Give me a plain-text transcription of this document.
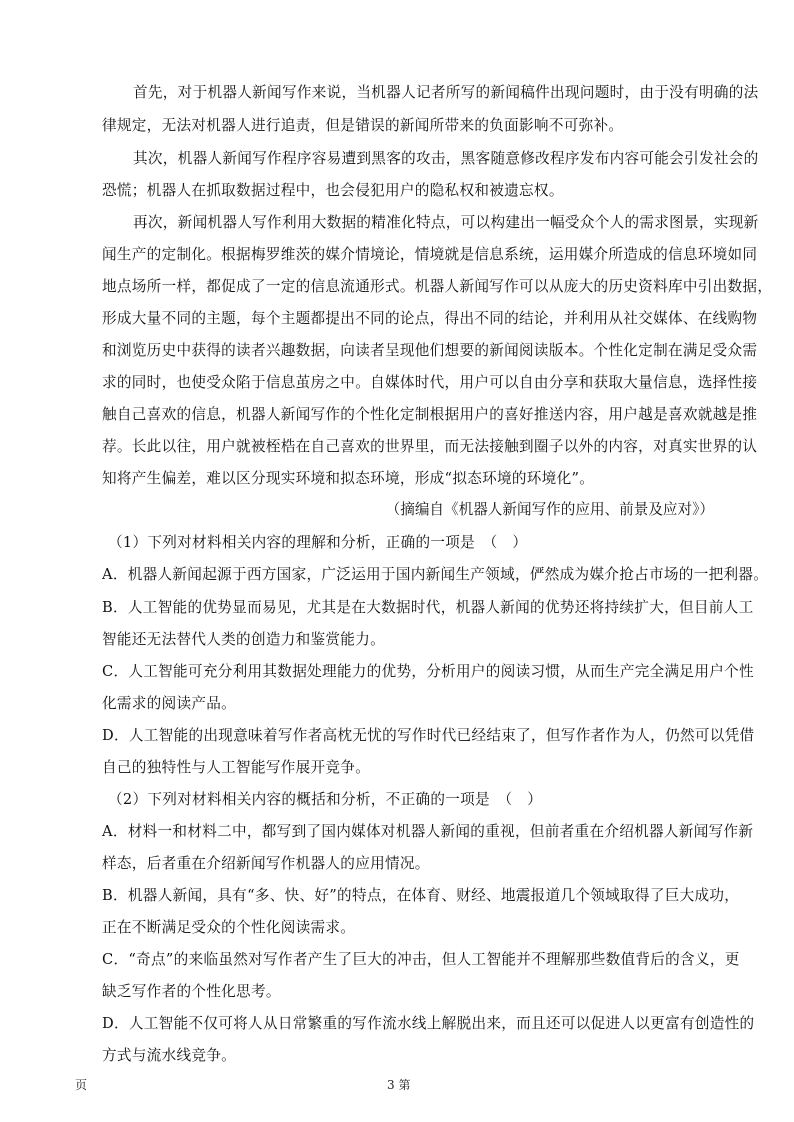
首先，对于机器人新闻写作来说，当机器人记者所写的新闻稿件出现问题时，由于没有明确的法
律规定，无法对机器人进行追责，但是错误的新闻所带来的负面影响不可弥补。
其次，机器人新闻写作程序容易遭到黑客的攻击，黑客随意修改程序发布内容可能会引发社会的
恐慌；机器人在抓取数据过程中，也会侵犯用户的隐私权和被遗忘权。
再次，新闻机器人写作利用大数据的精准化特点，可以构建出一幅受众个人的需求图景，实现新
闻生产的定制化。根据梅罗维茨的媒介情境论，情境就是信息系统，运用媒介所造成的信息环境如同
地点场所一样，都促成了一定的信息流通形式。机器人新闻写作可以从庞大的历史资料库中引出数据，
形成大量不同的主题，每个主题都提出不同的论点，得出不同的结论，并利用从社交媒体、在线购物
和浏览历史中获得的读者兴趣数据，向读者呈现他们想要的新闻阅读版本。个性化定制在满足受众需
求的同时，也使受众陷于信息茧房之中。自媒体时代，用户可以自由分享和获取大量信息，选择性接
触自己喜欢的信息，机器人新闻写作的个性化定制根据用户的喜好推送内容，用户越是喜欢就越是推
荐。长此以往，用户就被桎梏在自己喜欢的世界里，而无法接触到圈子以外的内容，对真实世界的认
知将产生偏差，难以区分现实环境和拟态环境，形成“拟态环境的环境化”。
（摘编自《机器人新闻写作的应用、前景及应对》）
（1）下列对材料相关内容的理解和分析，正确的一项是　（　）
A．机器人新闻起源于西方国家，广泛运用于国内新闻生产领域，俨然成为媒介抢占市场的一把利器。
B．人工智能的优势显而易见，尤其是在大数据时代，机器人新闻的优势还将持续扩大，但目前人工
智能还无法替代人类的创造力和鉴赏能力。
C．人工智能可充分利用其数据处理能力的优势，分析用户的阅读习惯，从而生产完全满足用户个性
化需求的阅读产品。
D．人工智能的出现意味着写作者高枕无忧的写作时代已经结束了，但写作者作为人，仍然可以凭借
自己的独特性与人工智能写作展开竞争。
（2）下列对材料相关内容的概括和分析，不正确的一项是　（　）
A．材料一和材料二中，都写到了国内媒体对机器人新闻的重视，但前者重在介绍机器人新闻写作新
样态，后者重在介绍新闻写作机器人的应用情况。
B．机器人新闻，具有“多、快、好”的特点，在体育、财经、地震报道几个领域取得了巨大成功，
正在不断满足受众的个性化阅读需求。
C．“奇点”的来临虽然对写作者产生了巨大的冲击，但人工智能并不理解那些数值背后的含义，更
缺乏写作者的个性化思考。
D．人工智能不仅可将人从日常繁重的写作流水线上解脱出来，而且还可以促进人以更富有创造性的
方式与流水线竞争。
页	3 第
